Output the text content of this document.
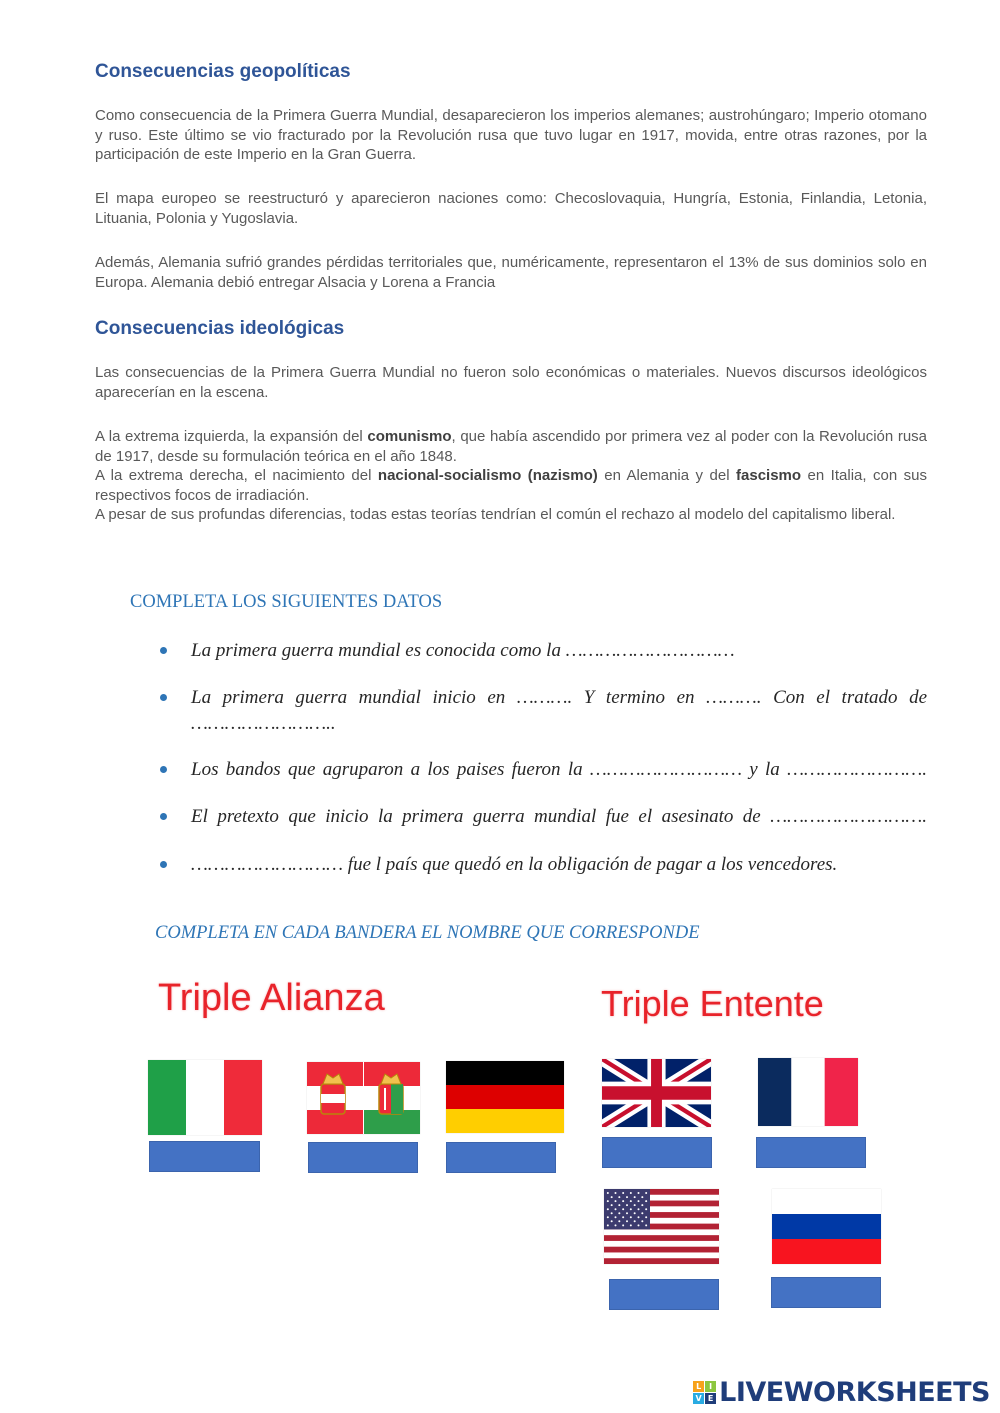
Consecuencias geopolíticas

Como consecuencia de la Primera Guerra Mundial, desaparecieron los imperios alemanes; austrohúngaro; Imperio otomano y ruso. Este último se vio fracturado por la Revolución rusa que tuvo lugar en 1917, movida, entre otras razones, por la participación de este Imperio en la Gran Guerra.

El mapa europeo se reestructuró y aparecieron naciones como: Checoslovaquia, Hungría, Estonia, Finlandia, Letonia, Lituania, Polonia y Yugoslavia.

Además, Alemania sufrió grandes pérdidas territoriales que, numéricamente, representaron el 13% de sus dominios solo en Europa. Alemania debió entregar Alsacia y Lorena a Francia

Consecuencias ideológicas

Las consecuencias de la Primera Guerra Mundial no fueron solo económicas o materiales. Nuevos discursos ideológicos aparecerían en la escena.

A la extrema izquierda, la expansión del comunismo, que había ascendido por primera vez al poder con la Revolución rusa de 1917, desde su formulación teórica en el año 1848.
A la extrema derecha, el nacimiento del nacional-socialismo (nazismo) en Alemania y del fascismo en Italia, con sus respectivos focos de irradiación.
A pesar de sus profundas diferencias, todas estas teorías tendrían el común el rechazo al modelo del capitalismo liberal.
COMPLETA LOS SIGUIENTES DATOS
La primera guerra mundial es conocida como la …………………………
La primera guerra mundial inicio en ………. Y termino en ………. Con el tratado de ……………………..
Los bandos que agruparon a los paises fueron la ……………………… y la …………………….
El pretexto que inicio la primera guerra mundial fue el asesinato de ……………………….
……………………… fue l país que quedó en la obligación de pagar a los vencedores.
COMPLETA EN CADA BANDERA EL NOMBRE QUE CORRESPONDE
Triple Alianza	Triple Entente
L I
V E LIVEWORKSHEETS
